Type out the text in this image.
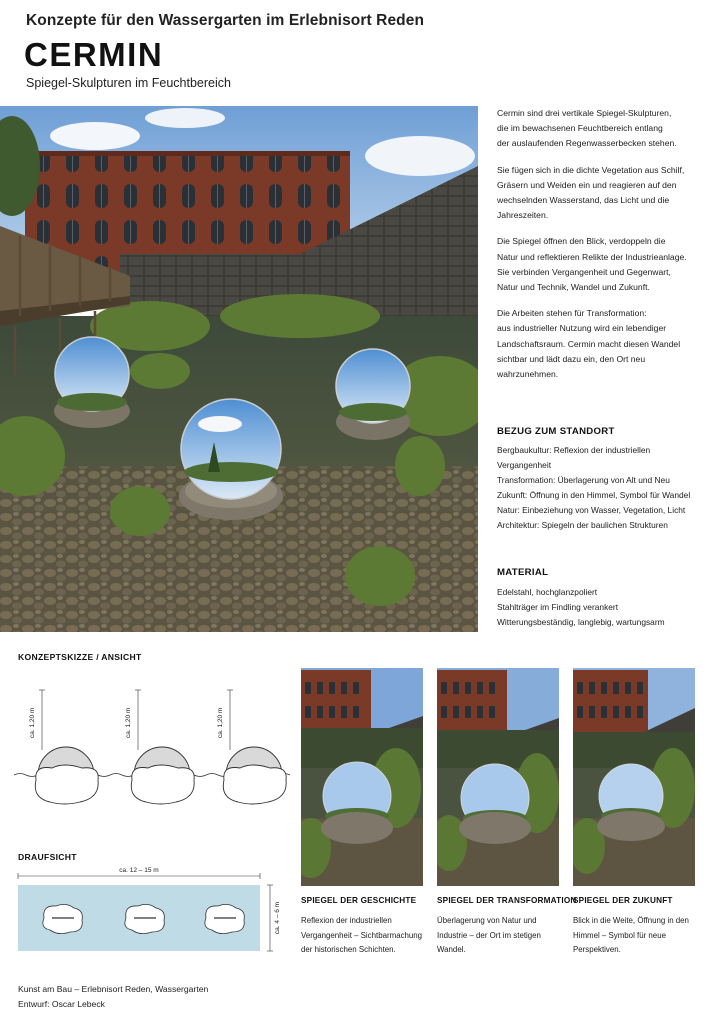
Konzepte für den Wassergarten im Erlebnisort Reden
CERMIN
Spiegel-Skulpturen im Feuchtbereich

Cermin sind drei vertikale Spiegel-Skulpturen,
die im bewachsenen Feuchtbereich entlang
der auslaufenden Regenwasserbecken stehen.

Sie fügen sich in die dichte Vegetation aus Schilf,
Gräsern und Weiden ein und reagieren auf den
wechselnden Wasserstand, das Licht und die
Jahreszeiten.

Die Spiegel öffnen den Blick, verdoppeln die
Natur und reflektieren Relikte der Industrieanlage.
Sie verbinden Vergangenheit und Gegenwart,
Natur und Technik, Wandel und Zukunft.

Die Arbeiten stehen für Transformation:
aus industrieller Nutzung wird ein lebendiger
Landschaftsraum. Cermin macht diesen Wandel
sichtbar und lädt dazu ein, den Ort neu
wahrzunehmen.

BEZUG ZUM STANDORT
Bergbaukultur: Reflexion der industriellen
Vergangenheit
Transformation: Überlagerung von Alt und Neu
Zukunft: Öffnung in den Himmel, Symbol für Wandel
Natur: Einbeziehung von Wasser, Vegetation, Licht
Architektur: Spiegeln der baulichen Strukturen
MATERIAL
Edelstahl, hochglanzpoliert
Stahlträger im Findling verankert
Witterungsbeständig, langlebig, wartungsarm
KONZEPTSKIZZE / ANSICHT
ca. 1,20 m	ca. 1,20 m	ca. 1,20 m
DRAUFSICHT
ca. 12 – 15 m
ca. 4 – 6 m
Kunst am Bau – Erlebnisort Reden, Wassergarten
Entwurf: Oscar Lebeck
SPIEGEL DER GESCHICHTE
Reflexion der industriellen
Vergangenheit – Sichtbarmachung
der historischen Schichten.
SPIEGEL DER TRANSFORMATION
Überlagerung von Natur und
Industrie – der Ort im stetigen
Wandel.
SPIEGEL DER ZUKUNFT
Blick in die Weite, Öffnung in den
Himmel – Symbol für neue
Perspektiven.
